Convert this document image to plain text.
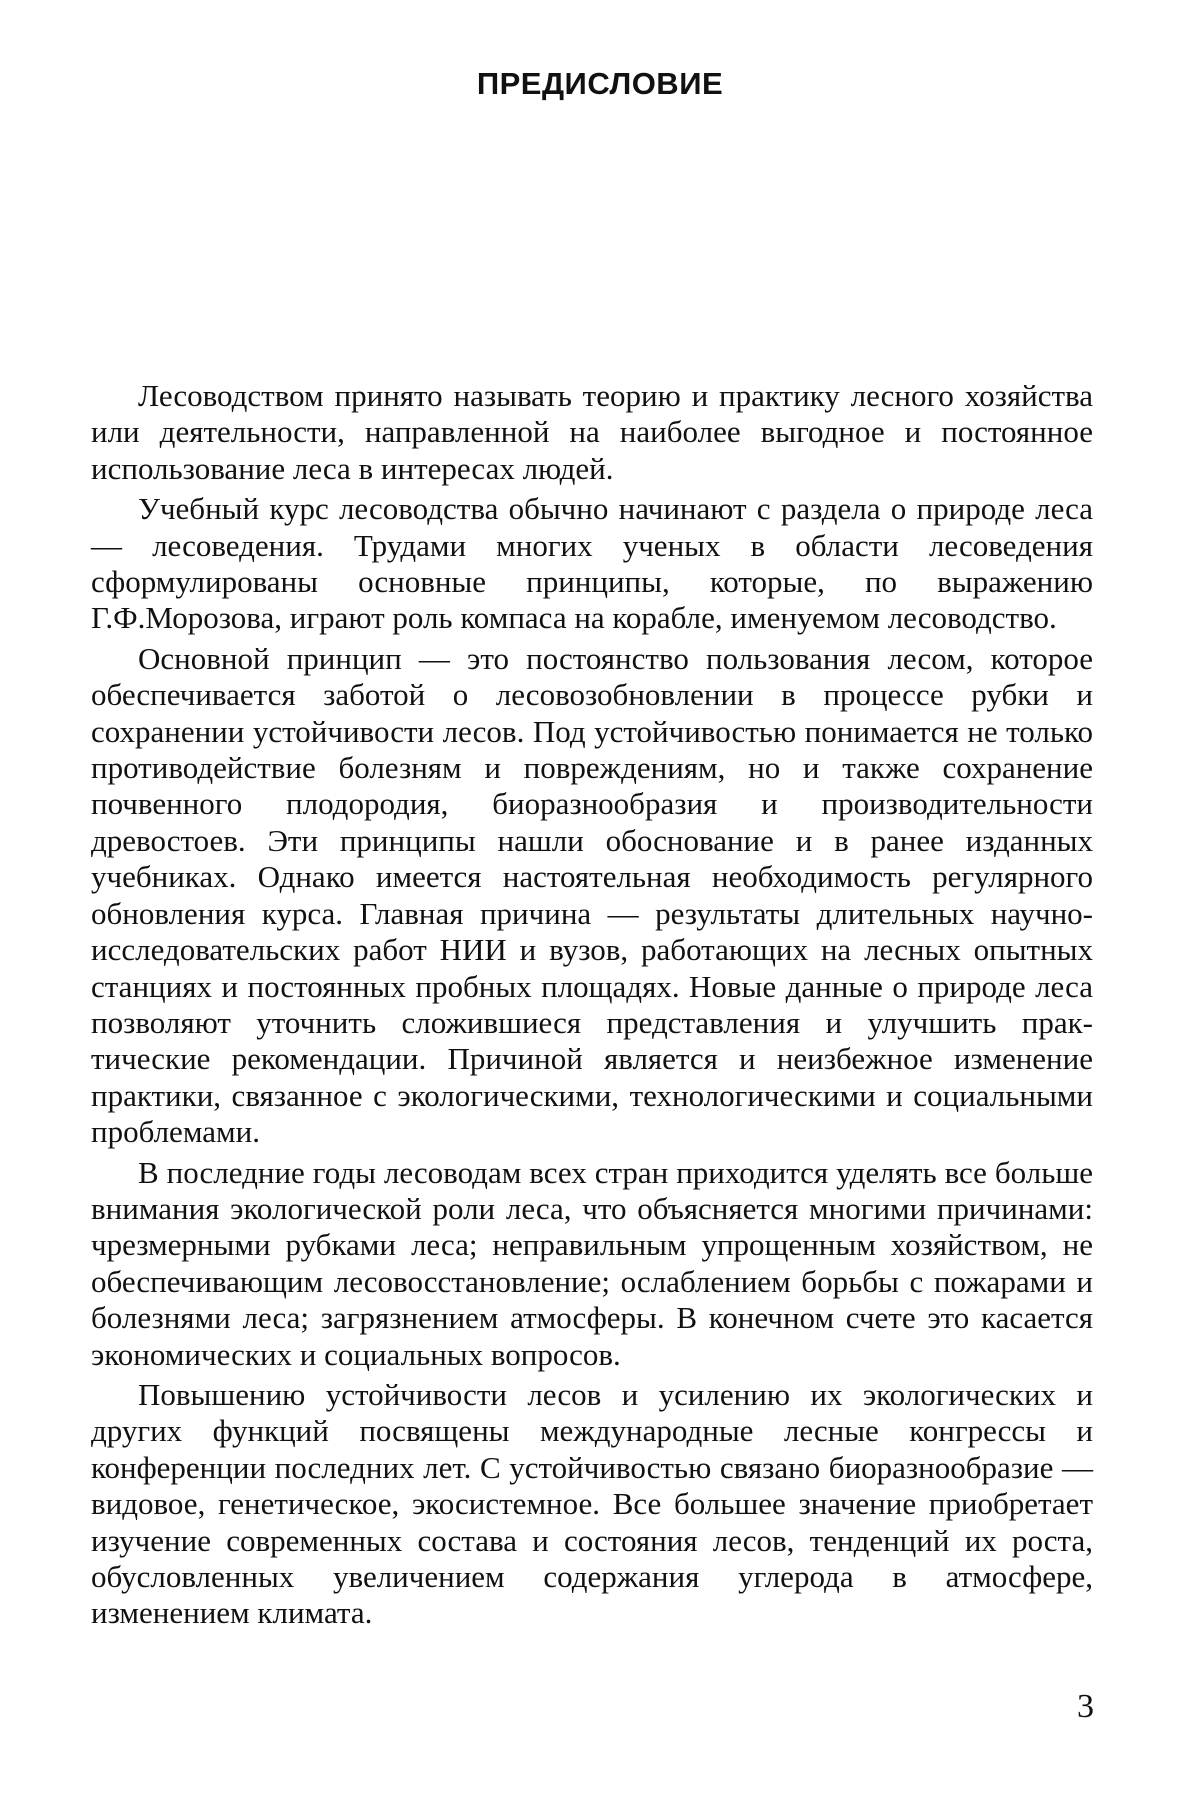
ПРЕДИСЛОВИЕ

Лесоводством принято называть теорию и практику лесного хозяйства или деятельности, направленной на наиболее выгодное и постоянное использование леса в интересах людей.

Учебный курс лесоводства обычно начинают с раздела о природе леса — лесоведения. Трудами многих ученых в области лесоведения сформулированы основные принципы, которые, по выражению Г.Ф.Морозова, играют роль компаса на корабле, именуемом лесоводство.

Основной принцип — это постоянство пользования лесом, которое обеспечивается заботой о лесовозобновлении в процессе рубки и сохранении устойчивости лесов. Под устойчивостью понимается не только противодействие болезням и повреждениям, но и также сохранение почвенного плодородия, биоразнообразия и производительности древостоев. Эти принципы нашли обоснование и в ранее изданных учебниках. Однако имеется настоятельная необходимость регулярного обновления курса. Главная причина — результаты длительных научно-исследовательских работ НИИ и вузов, работающих на лесных опытных станциях и постоянных пробных площадях. Новые данные о природе леса позволяют уточнить сложившиеся представления и улучшить практические рекомендации. Причиной является и неизбежное изменение практики, связанное с экологическими, технологическими и социальными проблемами.

В последние годы лесоводам всех стран приходится уделять все больше внимания экологической роли леса, что объясняется многими причинами: чрезмерными рубками леса; неправильным упрощенным хозяйством, не обеспечивающим лесовосстановление; ослаблением борьбы с пожарами и болезнями леса; загрязнением атмосферы. В конечном счете это касается экономических и социальных вопросов.

Повышению устойчивости лесов и усилению их экологических и других функций посвящены международные лесные конгрессы и конференции последних лет. С устойчивостью связано биоразнообразие — видовое, генетическое, экосистемное. Все большее значение приобретает изучение современных состава и состояния лесов, тенденций их роста, обусловленных увеличением содержания углерода в атмосфере, изменением климата.

3
